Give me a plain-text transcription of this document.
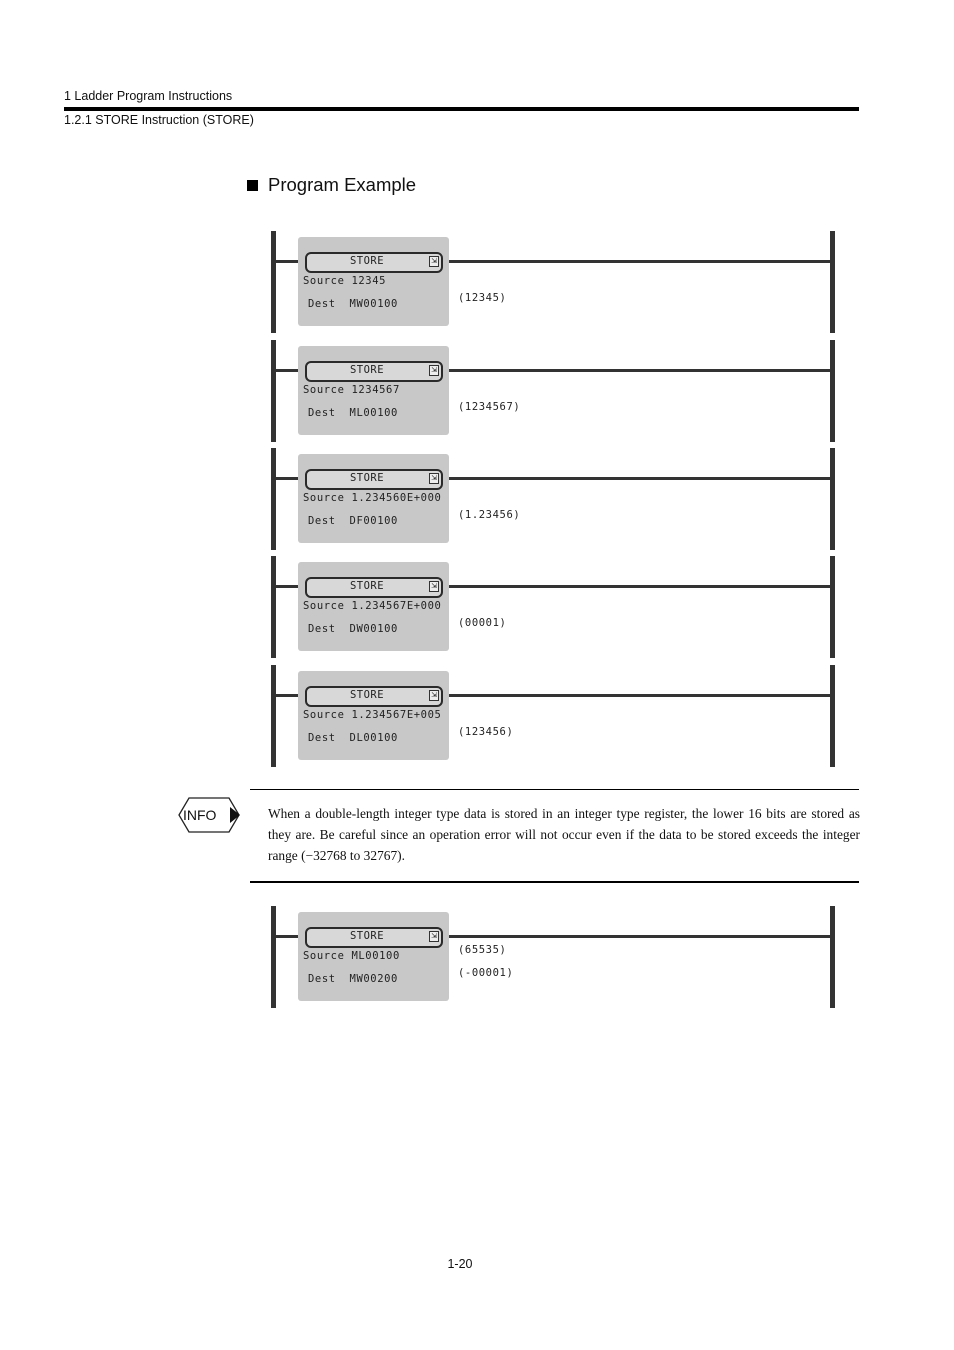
1 Ladder Program Instructions
1.2.1 STORE Instruction (STORE)
Program Example
STORE	⇲
Source 12345
Dest MW00100	(12345)
STORE	⇲
Source 1234567
Dest ML00100	(1234567)
STORE	⇲
Source 1.234560E+000
Dest DF00100	(1.23456)
STORE	⇲
Source 1.234567E+000
Dest DW00100	(00001)
STORE	⇲
Source 1.234567E+005
Dest DL00100	(123456)
INFO	When a double-length integer type data is stored in an integer type register, the lower 16 bits are stored as they are. Be careful since an operation error will not occur even if the data to be stored exceeds the integer range (−32768 to 32767).
STORE	⇲
Source ML00100
Dest MW00200
(65535)
(-00001)
1-20
